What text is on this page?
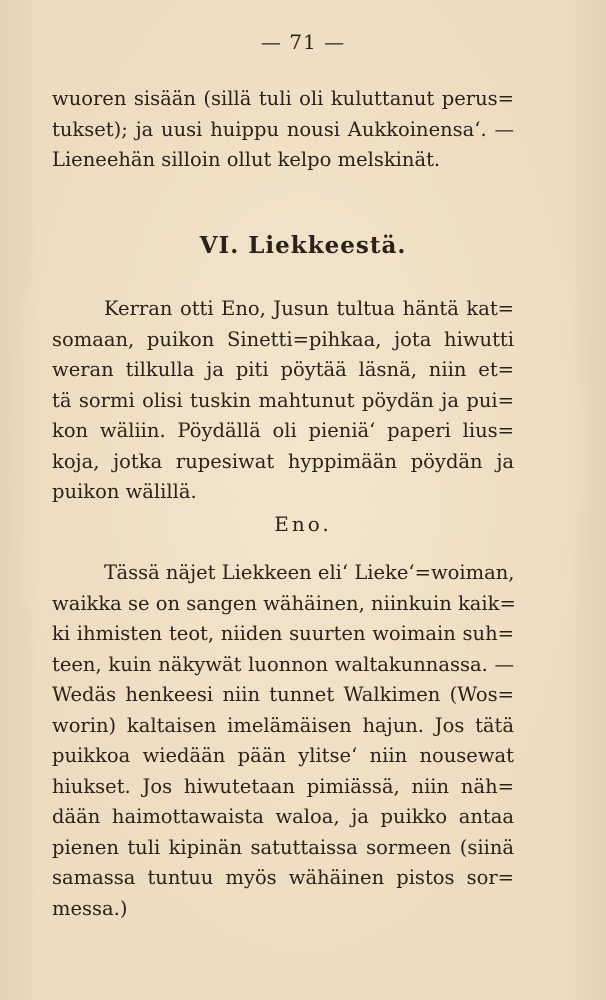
— 71 —
wuoren sisään (sillä tuli oli kuluttanut perus=
tukset); ja uusi huippu nousi Aukkoinensa‘. —
Lieneehän silloin ollut kelpo melskinät.
VI. Liekkeestä.
Kerran otti Eno, Jusun tultua häntä kat=
somaan, puikon Sinetti=pihkaa, jota hiwutti
weran tilkulla ja piti pöytää läsnä, niin et=
tä sormi olisi tuskin mahtunut pöydän ja pui=
kon wäliin. Pöydällä oli pieniä‘ paperi lius=
koja, jotka rupesiwat hyppimään pöydän ja
puikon wälillä.
Eno.
Tässä näjet Liekkeen eli‘ Lieke‘=woiman,
waikka se on sangen wähäinen, niinkuin kaik=
ki ihmisten teot, niiden suurten woimain suh=
teen, kuin näkywät luonnon waltakunnassa. —
Wedäs henkeesi niin tunnet Walkimen (Wos=
worin) kaltaisen imelämäisen hajun. Jos tätä
puikkoa wiedään pään ylitse‘ niin nousewat
hiukset. Jos hiwutetaan pimiässä, niin näh=
dään haimottawaista waloa, ja puikko antaa
pienen tuli kipinän satuttaissa sormeen (siinä
samassa tuntuu myös wähäinen pistos sor=
messa.)
